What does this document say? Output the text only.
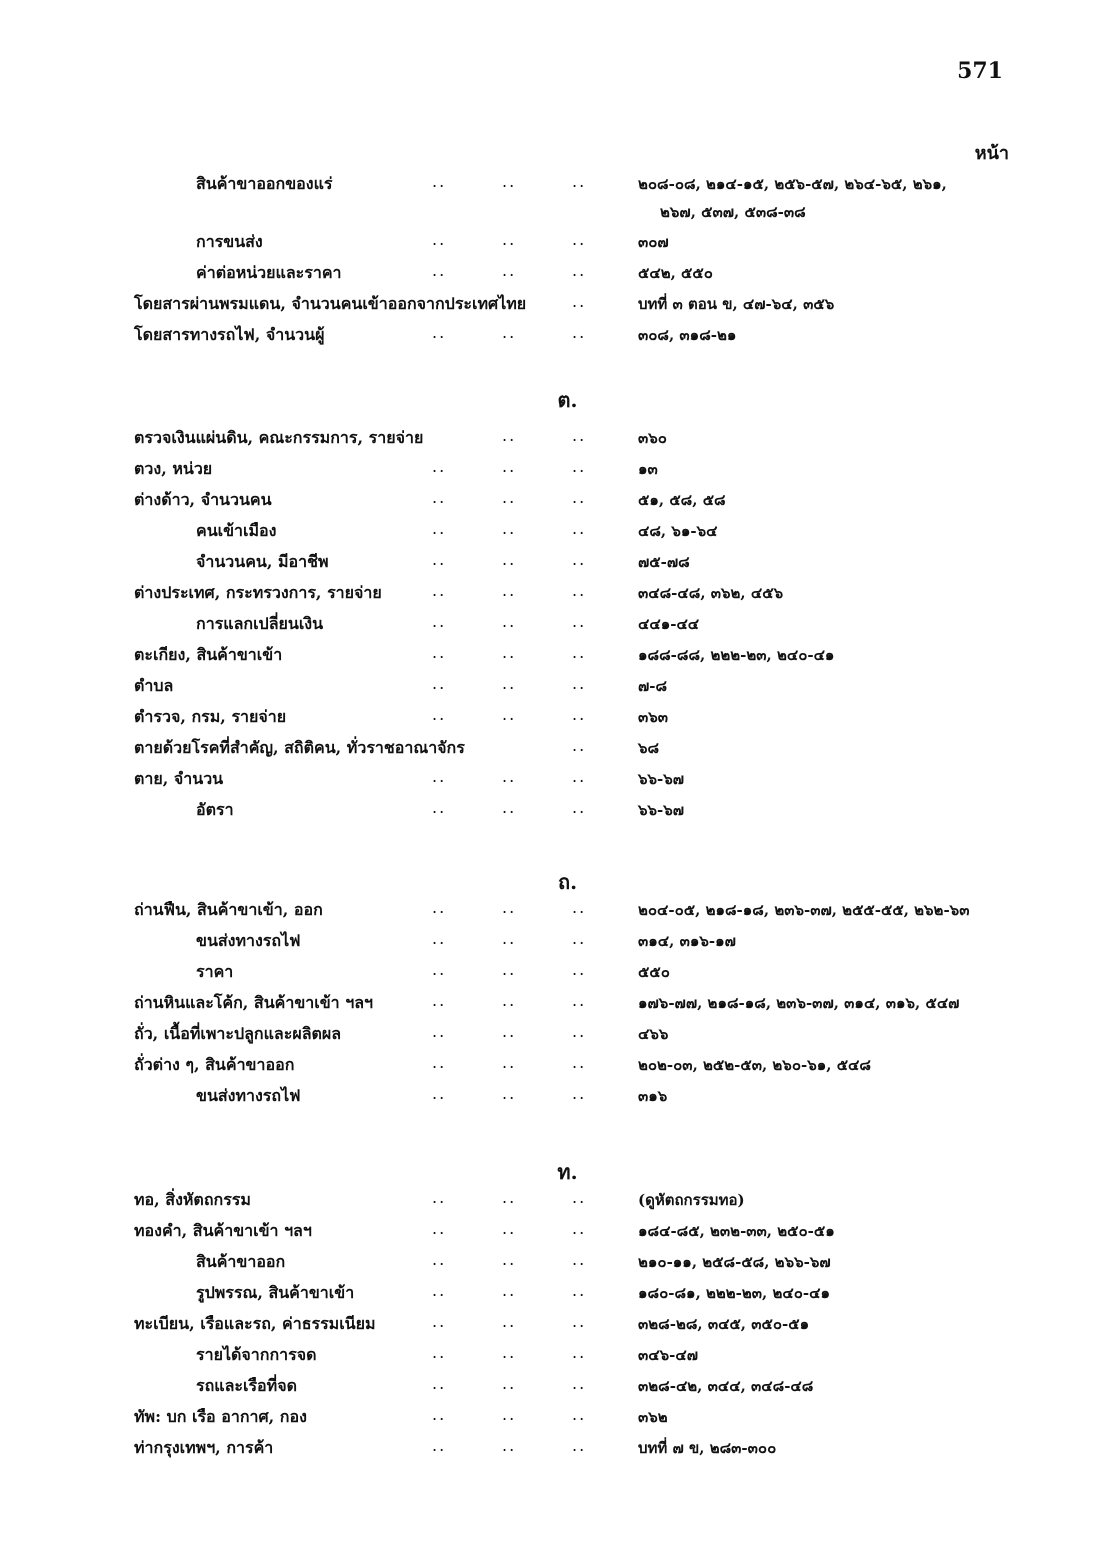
571
หน้า
สินค้าขาออกของแร่	..	..	..	๒๐๘-๐๘, ๒๑๔-๑๕, ๒๕๖-๕๗, ๒๖๔-๖๕, ๒๖๑,
๒๖๗, ๕๓๗, ๕๓๘-๓๘
การขนส่ง	..	..	..	๓๐๗
ค่าต่อหน่วยและราคา	..	..	..	๕๔๒, ๕๕๐
โดยสารผ่านพรมแดน, จำนวนคนเข้าออกจากประเทศไทย	..	บทที่ ๓ ตอน ข, ๔๗-๖๔, ๓๕๖
โดยสารทางรถไฟ, จำนวนผู้	..	..	..	๓๐๘, ๓๑๘-๒๑
ต.
ตรวจเงินแผ่นดิน, คณะกรรมการ, รายจ่าย	..	..	๓๖๐
ตวง, หน่วย	..	..	..	๑๓
ต่างด้าว, จำนวนคน	..	..	..	๕๑, ๕๘, ๕๘
คนเข้าเมือง	..	..	..	๔๘, ๖๑-๖๔
จำนวนคน, มีอาชีพ	..	..	..	๗๕-๗๘
ต่างประเทศ, กระทรวงการ, รายจ่าย	..	..	..	๓๔๘-๔๘, ๓๖๒, ๔๕๖
การแลกเปลี่ยนเงิน	..	..	..	๔๔๑-๔๔
ตะเกียง, สินค้าขาเข้า	..	..	..	๑๘๘-๘๘, ๒๒๒-๒๓, ๒๔๐-๔๑
ตำบล	..	..	..	๗-๘
ตำรวจ, กรม, รายจ่าย	..	..	..	๓๖๓
ตายด้วยโรคที่สำคัญ, สถิติคน, ทั่วราชอาณาจักร	..	๖๘
ตาย, จำนวน	..	..	..	๖๖-๖๗
อัตรา	..	..	..	๖๖-๖๗
ถ.
ถ่านฟืน, สินค้าขาเข้า, ออก	..	..	..	๒๐๔-๐๕, ๒๑๘-๑๘, ๒๓๖-๓๗, ๒๕๕-๕๕, ๒๖๒-๖๓
ขนส่งทางรถไฟ	..	..	..	๓๑๔, ๓๑๖-๑๗
ราคา	..	..	..	๕๕๐
ถ่านหินและโค้ก, สินค้าขาเข้า ฯลฯ	..	..	..	๑๗๖-๗๗, ๒๑๘-๑๘, ๒๓๖-๓๗, ๓๑๔, ๓๑๖, ๕๔๗
ถั่ว, เนื้อที่เพาะปลูกและผลิตผล	..	..	..	๔๖๖
ถั่วต่าง ๆ, สินค้าขาออก	..	..	..	๒๐๒-๐๓, ๒๕๒-๕๓, ๒๖๐-๖๑, ๕๔๘
ขนส่งทางรถไฟ	..	..	..	๓๑๖
ท.
ทอ, สิ่งหัตถกรรม	..	..	..	(ดูหัตถกรรมทอ)
ทองคำ, สินค้าขาเข้า ฯลฯ	..	..	..	๑๘๔-๘๕, ๒๓๒-๓๓, ๒๕๐-๕๑
สินค้าขาออก	..	..	..	๒๑๐-๑๑, ๒๕๘-๕๘, ๒๖๖-๖๗
รูปพรรณ, สินค้าขาเข้า	..	..	..	๑๘๐-๘๑, ๒๒๒-๒๓, ๒๔๐-๔๑
ทะเบียน, เรือและรถ, ค่าธรรมเนียม	..	..	..	๓๒๘-๒๘, ๓๔๕, ๓๕๐-๕๑
รายได้จากการจด	..	..	..	๓๔๖-๔๗
รถและเรือที่จด	..	..	..	๓๒๘-๔๒, ๓๔๔, ๓๔๘-๔๘
ทัพ: บก เรือ อากาศ, กอง	..	..	..	๓๖๒
ท่ากรุงเทพฯ, การค้า	..	..	..	บทที่ ๗ ข, ๒๘๓-๓๐๐
